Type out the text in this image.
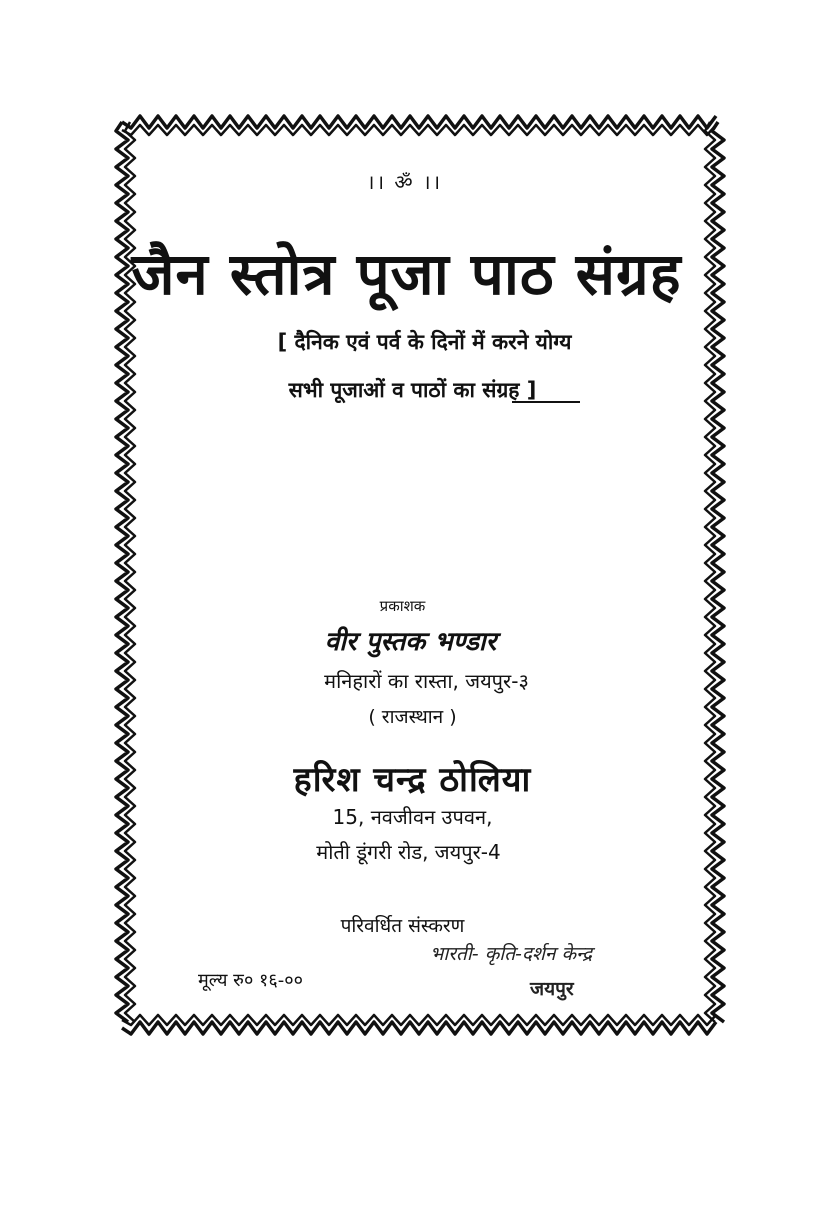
।। ॐ ।।
जैन स्तोत्र पूजा पाठ संग्रह
[ दैनिक एवं पर्व के दिनों में करने योग्य
सभी पूजाओं व पाठों का संग्रह ]
प्रकाशक
वीर पुस्तक भण्डार
मनिहारों का रास्ता, जयपुर-३
( राजस्थान )
हरिश चन्द्र ठोलिया
15, नवजीवन उपवन,
मोती डूंगरी रोड, जयपुर-4
परिवर्धित संस्करण
मूल्य रु० १६-००
भारती- कृति-दर्शन केन्द्र
जयपुर
